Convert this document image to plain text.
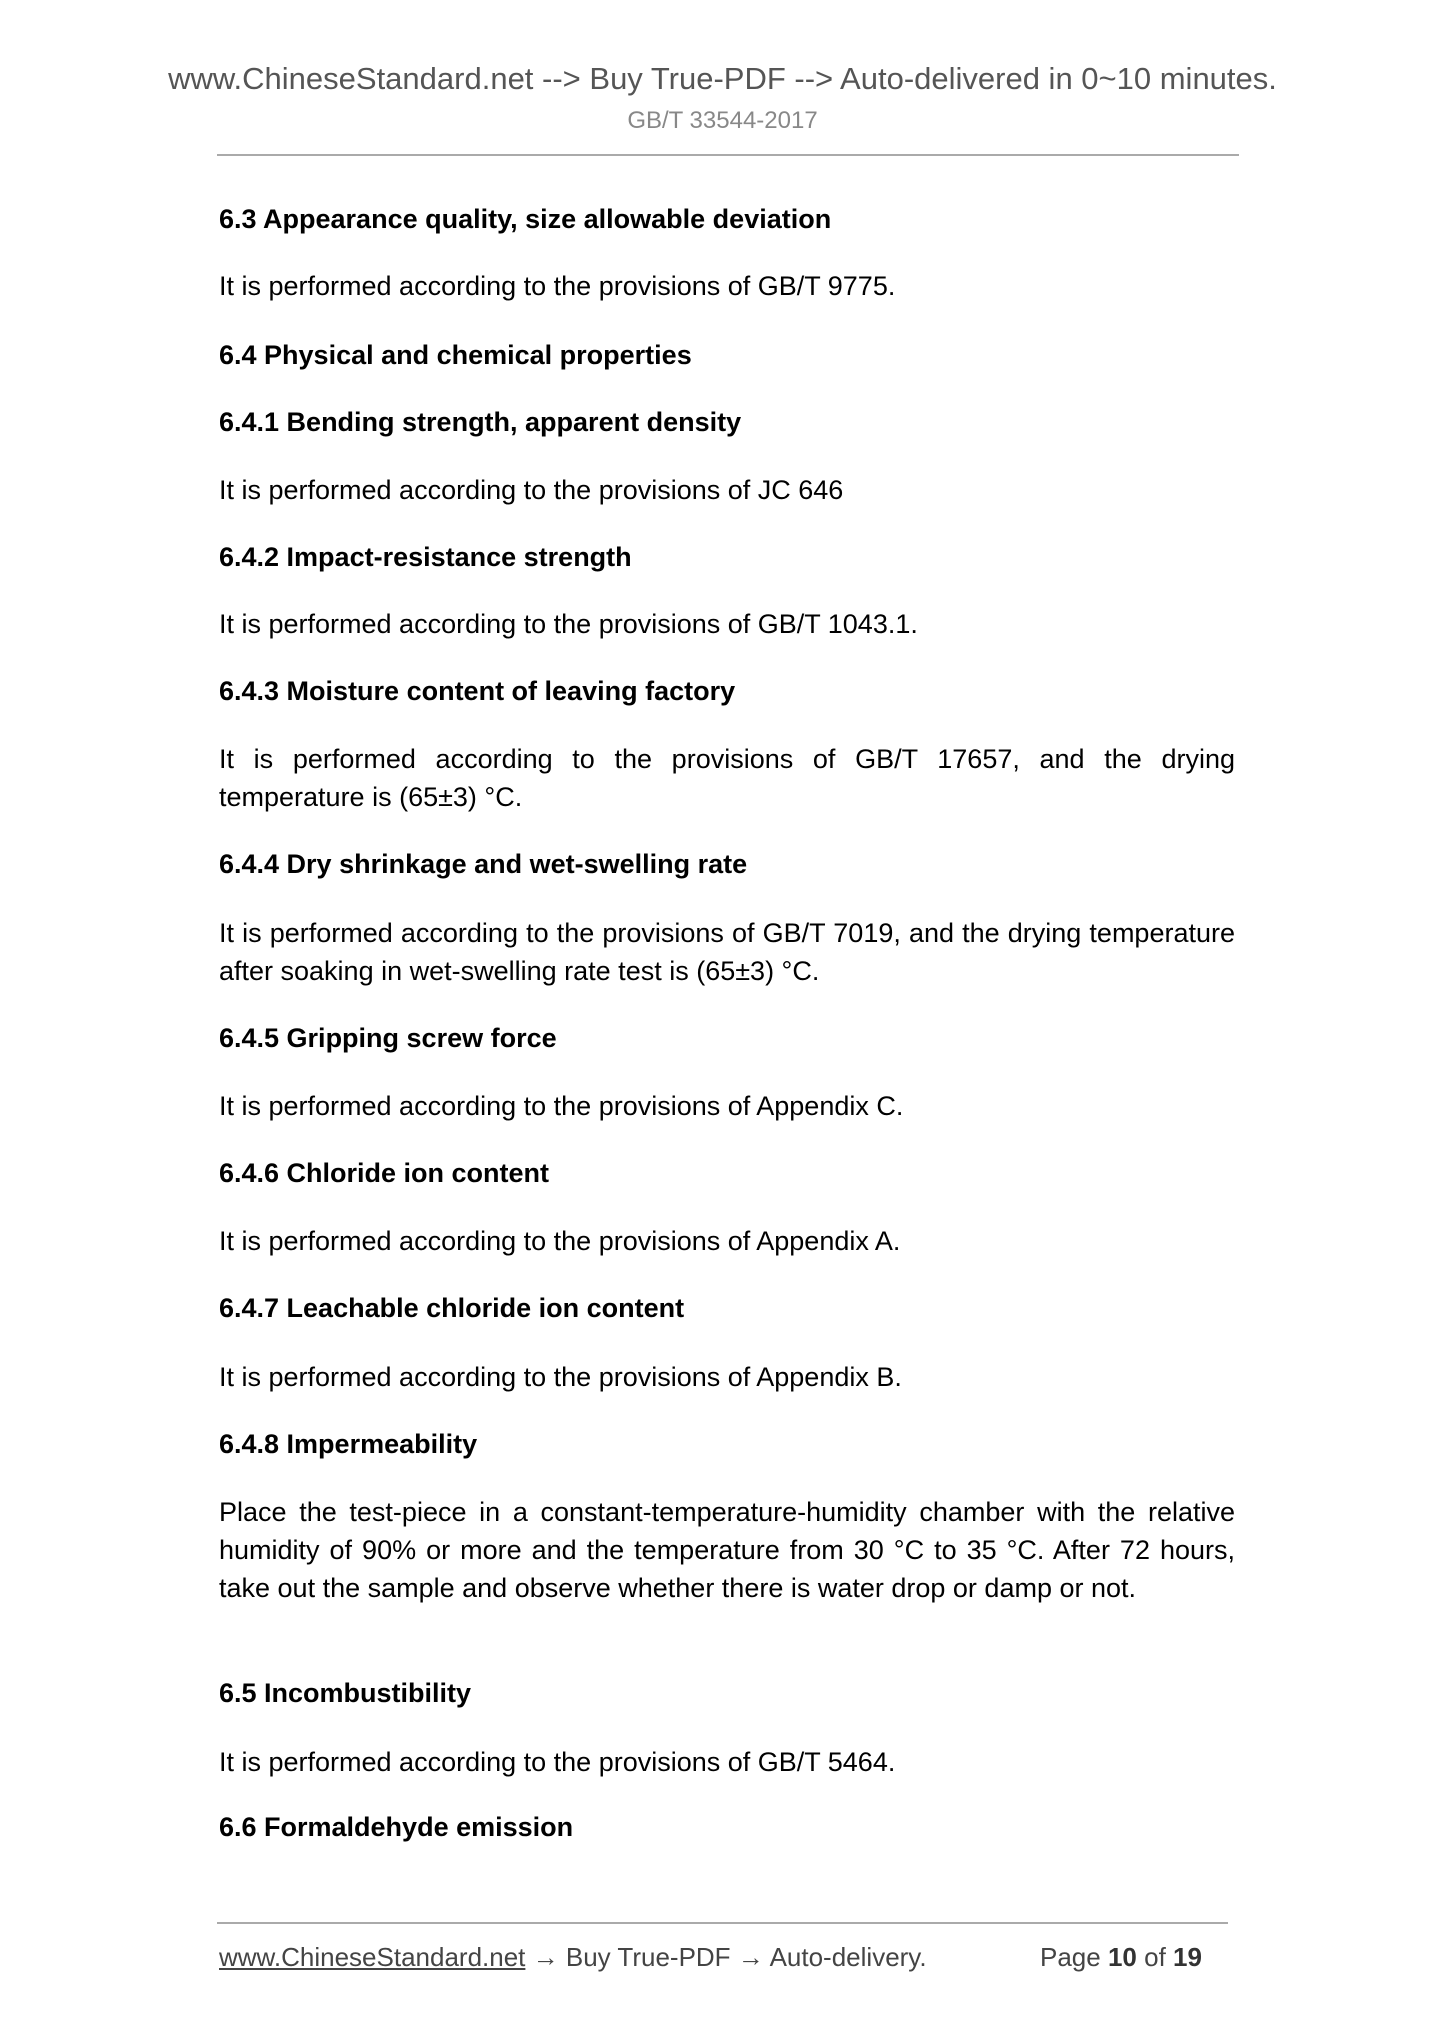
www.ChineseStandard.net --> Buy True-PDF --> Auto-delivered in 0~10 minutes.
GB/T 33544-2017
6.3 Appearance quality, size allowable deviation
It is performed according to the provisions of GB/T 9775.
6.4 Physical and chemical properties
6.4.1 Bending strength, apparent density
It is performed according to the provisions of JC 646
6.4.2 Impact-resistance strength
It is performed according to the provisions of GB/T 1043.1.
6.4.3 Moisture content of leaving factory
It is performed according to the provisions of GB/T 17657, and the drying temperature is (65±3) °C.
6.4.4 Dry shrinkage and wet-swelling rate
It is performed according to the provisions of GB/T 7019, and the drying temperature after soaking in wet-swelling rate test is (65±3) °C.
6.4.5 Gripping screw force
It is performed according to the provisions of Appendix C.
6.4.6 Chloride ion content
It is performed according to the provisions of Appendix A.
6.4.7 Leachable chloride ion content
It is performed according to the provisions of Appendix B.
6.4.8 Impermeability
Place the test-piece in a constant-temperature-humidity chamber with the relative humidity of 90% or more and the temperature from 30 °C to 35 °C. After 72 hours, take out the sample and observe whether there is water drop or damp or not.
6.5 Incombustibility
It is performed according to the provisions of GB/T 5464.
6.6 Formaldehyde emission
www.ChineseStandard.net → Buy True-PDF → Auto-delivery.	Page 10 of 19
